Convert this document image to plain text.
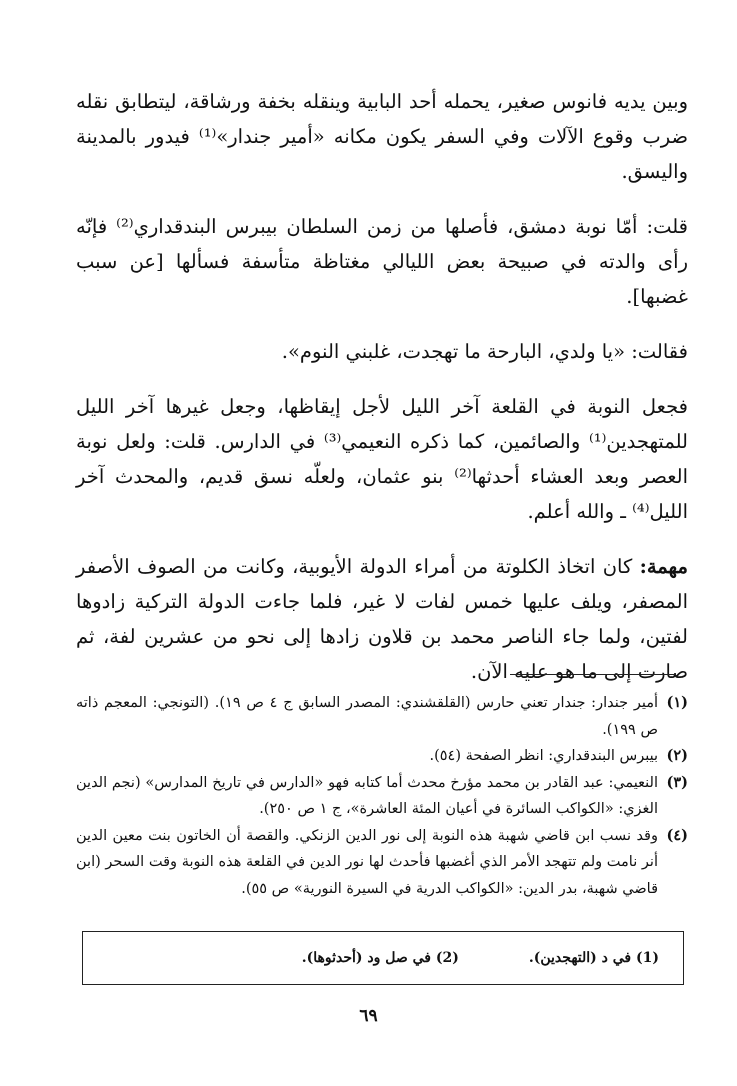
وبين يديه فانوس صغير، يحمله أحد البابية وينقله بخفة ورشاقة، ليتطابق نقله ضرب وقوع الآلات وفي السفر يكون مكانه «أمير جندار»⁽¹⁾ فيدور بالمدينة واليسق.

قلت: أمّا نوبة دمشق، فأصلها من زمن السلطان بيبرس البندقداري⁽²⁾ فإنّه رأى والدته في صبيحة بعض الليالي مغتاظة متأسفة فسألها [عن سبب غضبها].

فقالت: «يا ولدي، البارحة ما تهجدت، غلبني النوم».

فجعل النوبة في القلعة آخر الليل لأجل إيقاظها، وجعل غيرها آخر الليل للمتهجدين⁽¹⁾ والصائمين، كما ذكره النعيمي⁽³⁾ في الدارس. قلت: ولعل نوبة العصر وبعد العشاء أحدثها⁽²⁾ بنو عثمان، ولعلّه نسق قديم، والمحدث آخر الليل⁽⁴⁾ ـ والله أعلم.

مهمة: كان اتخاذ الكلوتة من أمراء الدولة الأيوبية، وكانت من الصوف الأصفر المصفر، ويلف عليها خمس لفات لا غير، فلما جاءت الدولة التركية زادوها لفتين، ولما جاء الناصر محمد بن قلاون زادها إلى نحو من عشرين لفة، ثم صارت إلى ما هو عليه الآن.

(١)
أمير جندار: جندار تعني حارس (القلقشندي: المصدر السابق ج ٤ ص ١٩). (التونجي: المعجم ذاته ص ١٩٩).
(٢)
بيبرس البندقداري: انظر الصفحة (٥٤).
(٣)
النعيمي: عبد القادر بن محمد مؤرخ محدث أما كتابه فهو «الدارس في تاريخ المدارس» (نجم الدين الغزي: «الكواكب السائرة في أعيان المئة العاشرة»، ج ١ ص ٢٥٠).
(٤)
وقد نسب ابن قاضي شهبة هذه النوبة إلى نور الدين الزنكي. والقصة أن الخاتون بنت معين الدين أنر نامت ولم تتهجد الأمر الذي أغضبها فأحدث لها نور الدين في القلعة هذه النوبة وقت السحر (ابن قاضي شهبة، بدر الدين: «الكواكب الدرية في السيرة النورية» ص ٥٥).
(1) في د (التهجدين).
(2) في صل ود (أحدثوها).
٦٩
